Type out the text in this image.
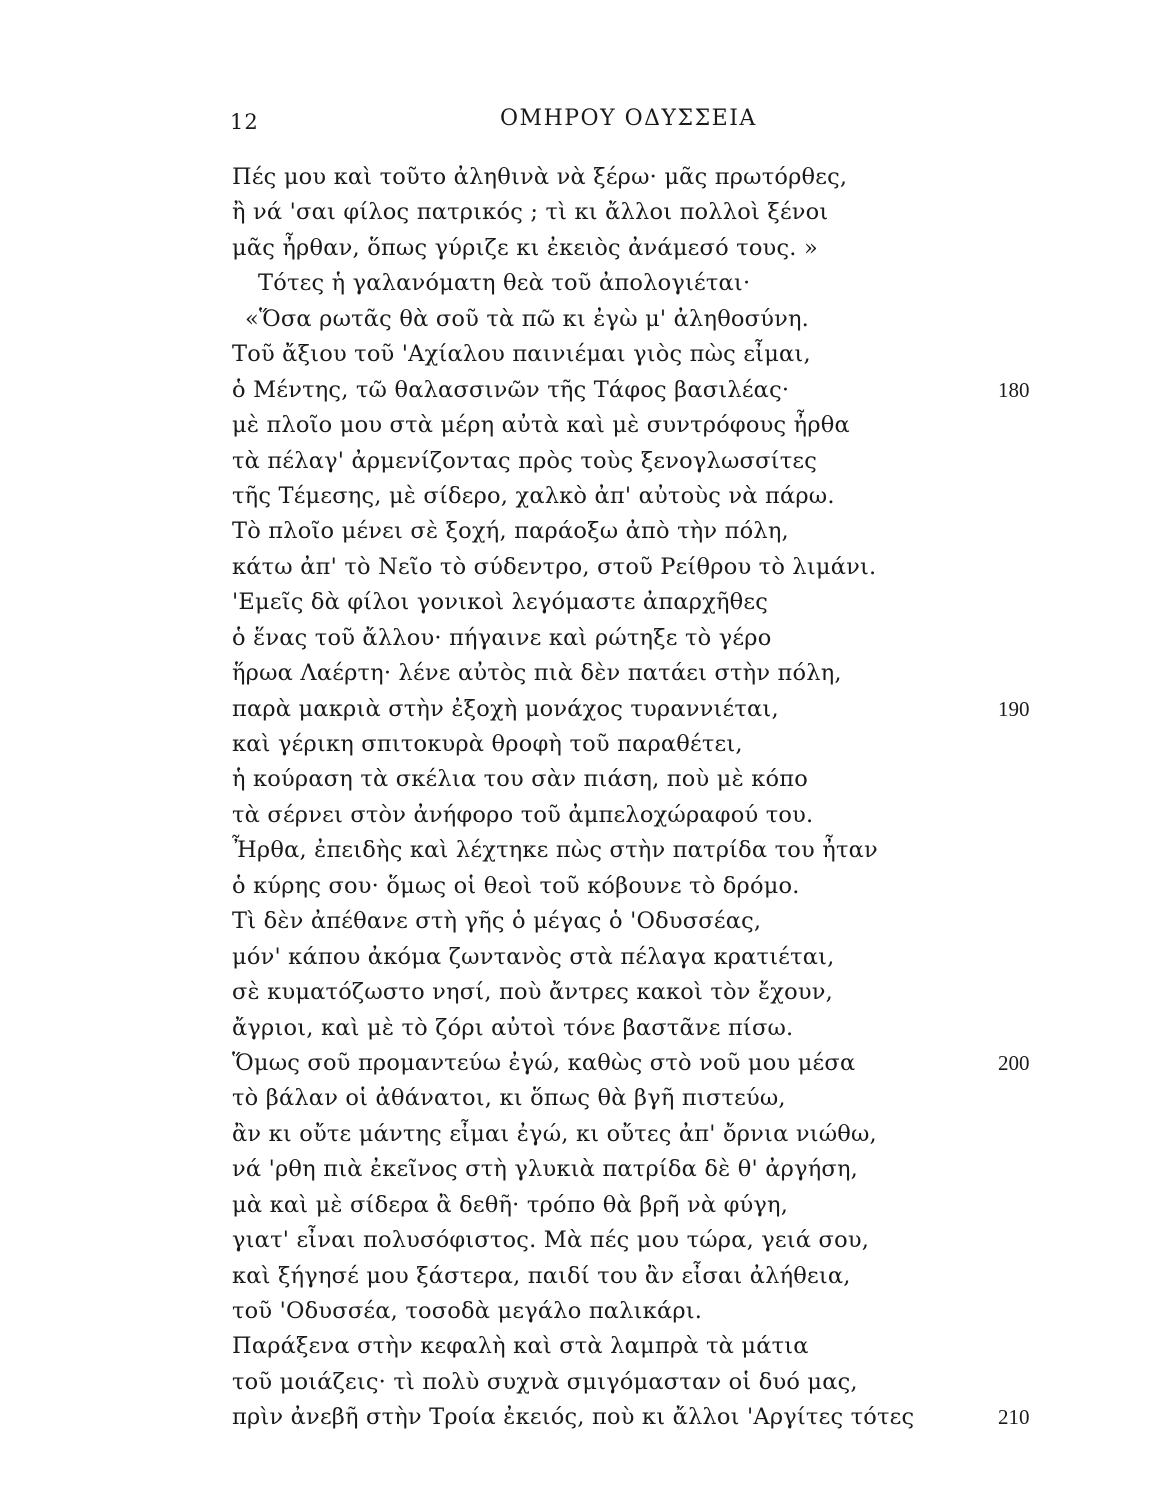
12	ΟΜΗΡΟΥ ΟΔΥΣΣΕΙΑ
Πές μου καὶ τοῦτο ἀληθινὰ νὰ ξέρω· μᾶς πρωτόρθες,
ἢ νά 'σαι φίλος πατρικός ; τὶ κι ἄλλοι πολλοὶ ξένοι
μᾶς ἦρθαν, ὅπως γύριζε κι ἐκειὸς ἀνάμεσό τους. »
Τότες ἡ γαλανόματη θεὰ τοῦ ἀπολογιέται·
«Ὅσα ρωτᾶς θὰ σοῦ τὰ πῶ κι ἐγὼ μ' ἀληθοσύνη.
Τοῦ ἄξιου τοῦ 'Αχίαλου παινιέμαι γιὸς πὼς εἶμαι,
ὁ Μέντης, τῶ θαλασσινῶν τῆς Τάφος βασιλέας·	180
μὲ πλοῖο μου στὰ μέρη αὐτὰ καὶ μὲ συντρόφους ἦρθα
τὰ πέλαγ' ἀρμενίζοντας πρὸς τοὺς ξενογλωσσίτες
τῆς Τέμεσης, μὲ σίδερο, χαλκὸ ἀπ' αὐτοὺς νὰ πάρω.
Τὸ πλοῖο μένει σὲ ξοχή, παράοξω ἀπὸ τὴν πόλη,
κάτω ἀπ' τὸ Νεῖο τὸ σύδεντρο, στοῦ Ρείθρου τὸ λιμάνι.
'Εμεῖς δὰ φίλοι γονικοὶ λεγόμαστε ἀπαρχῆθες
ὁ ἕνας τοῦ ἄλλου· πήγαινε καὶ ρώτηξε τὸ γέρο
ἥρωα Λαέρτη· λένε αὐτὸς πιὰ δὲν πατάει στὴν πόλη,
παρὰ μακριὰ στὴν ἐξοχὴ μονάχος τυραννιέται,	190
καὶ γέρικη σπιτοκυρὰ θροφὴ τοῦ παραθέτει,
ἡ κούραση τὰ σκέλια του σὰν πιάση, ποὺ μὲ κόπο
τὰ σέρνει στὸν ἀνήφορο τοῦ ἀμπελοχώραφού του.
Ἦρθα, ἐπειδὴς καὶ λέχτηκε πὼς στὴν πατρίδα του ἦταν
ὁ κύρης σου· ὅμως οἱ θεοὶ τοῦ κόβουνε τὸ δρόμο.
Τὶ δὲν ἀπέθανε στὴ γῆς ὁ μέγας ὁ 'Οδυσσέας,
μόν' κάπου ἀκόμα ζωντανὸς στὰ πέλαγα κρατιέται,
σὲ κυματόζωστο νησί, ποὺ ἄντρες κακοὶ τὸν ἔχουν,
ἄγριοι, καὶ μὲ τὸ ζόρι αὐτοὶ τόνε βαστᾶνε πίσω.
Ὅμως σοῦ προμαντεύω ἐγώ, καθὼς στὸ νοῦ μου μέσα	200
τὸ βάλαν οἱ ἀθάνατοι, κι ὅπως θὰ βγῆ πιστεύω,
ἂν κι οὔτε μάντης εἶμαι ἐγώ, κι οὔτες ἀπ' ὄρνια νιώθω,
νά 'ρθη πιὰ ἐκεῖνος στὴ γλυκιὰ πατρίδα δὲ θ' ἀργήση,
μὰ καὶ μὲ σίδερα ἂ δεθῆ· τρόπο θὰ βρῆ νὰ φύγη,
γιατ' εἶναι πολυσόφιστος. Μὰ πές μου τώρα, γειά σου,
καὶ ξήγησέ μου ξάστερα, παιδί του ἂν εἶσαι ἀλήθεια,
τοῦ 'Οδυσσέα, τοσοδὰ μεγάλο παλικάρι.
Παράξενα στὴν κεφαλὴ καὶ στὰ λαμπρὰ τὰ μάτια
τοῦ μοιάζεις· τὶ πολὺ συχνὰ σμιγόμασταν οἱ δυό μας,
πρὶν ἀνεβῆ στὴν Τροία ἐκειός, ποὺ κι ἄλλοι 'Αργίτες τότες	210
